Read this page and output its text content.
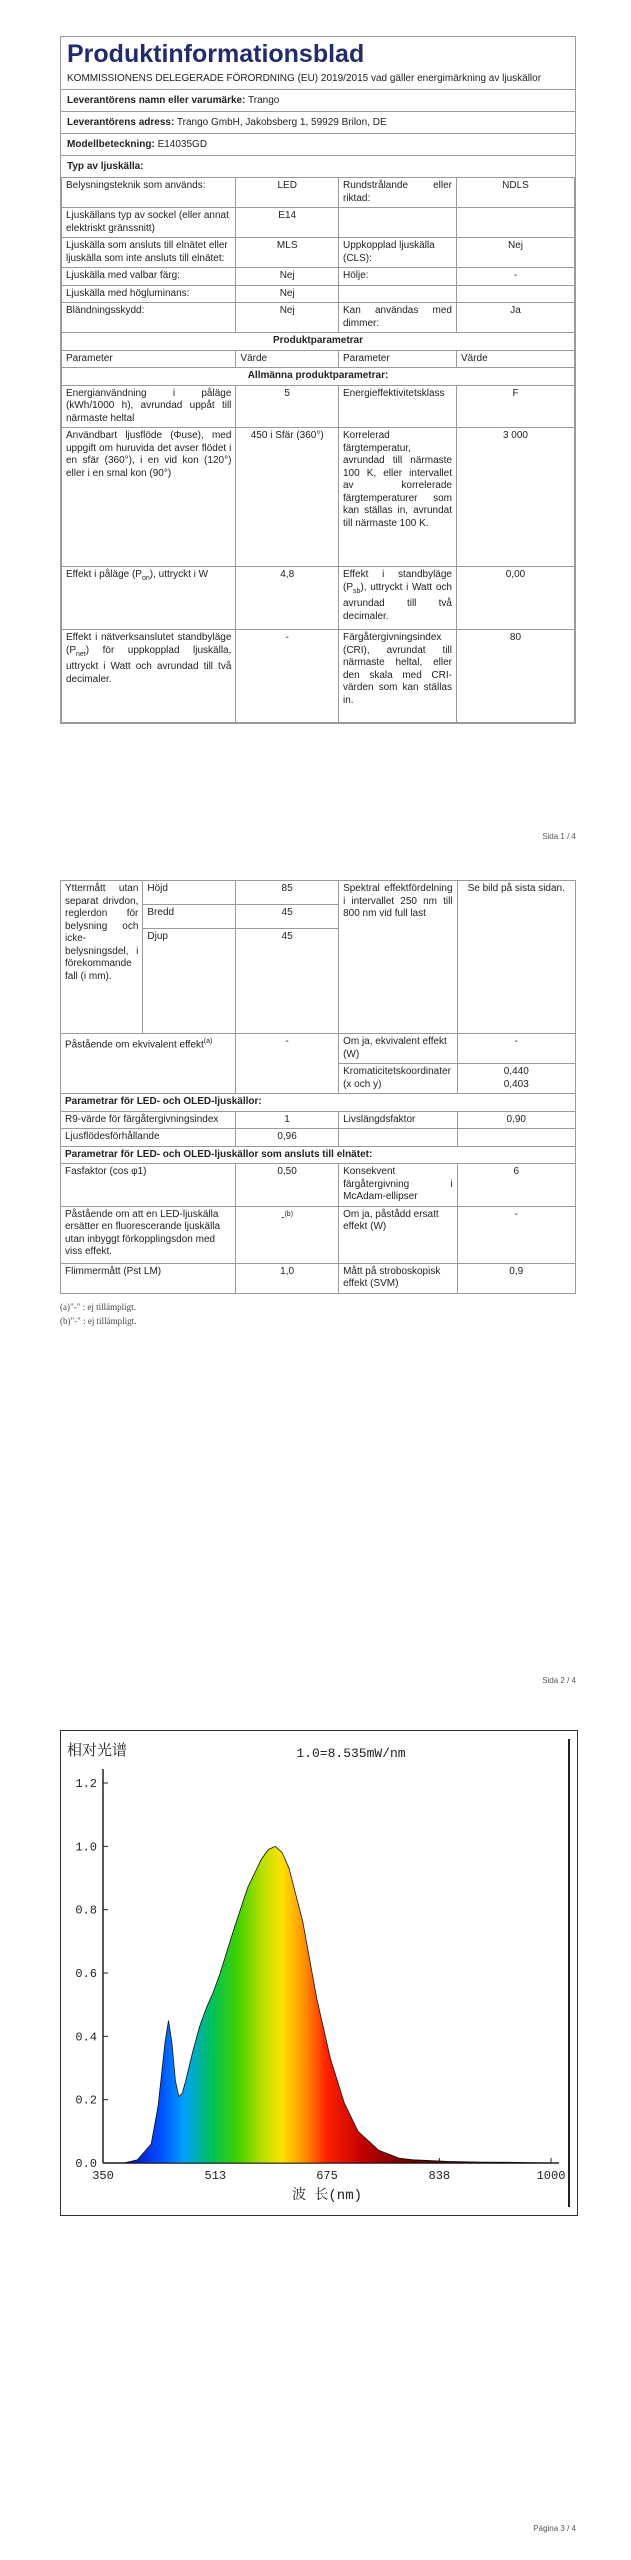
Produktinformationsblad
KOMMISSIONENS DELEGERADE FÖRORDNING (EU) 2019/2015 vad gäller energimärkning av ljuskällor
Leverantörens namn eller varumärke: Trango
Leverantörens adress: Trango GmbH, Jakobsberg 1, 59929 Brilon, DE
Modellbeteckning: E14035GD
Typ av ljuskälla:
Belysningsteknik som används:	LED	Rundstrålande eller riktad:	NDLS
Ljuskällans typ av sockel (eller annat elektriskt gränssnitt)	E14		
Ljuskälla som ansluts till elnätet eller ljuskälla som inte ansluts till elnätet:	MLS	Uppkopplad ljuskälla (CLS):	Nej
Ljuskälla med valbar färg:	Nej	Hölje:	-
Ljuskälla med högluminans:	Nej		
Bländningsskydd:	Nej	Kan användas med dimmer:	Ja
Produktparametrar			
Parameter	Värde	Parameter	Värde
Allmänna produktparametrar:			
Energianvändning i påläge (kWh/1000 h), avrundad uppåt till närmaste heltal	5	Energieffektivitetsklass	F
Användbart ljusflöde (Φuse), med uppgift om huruvida det avser flödet i en sfär (360°), i en vid kon (120°) eller i en smal kon (90°)	450 i Sfär (360°)	Korrelerad färgtemperatur, avrundad till närmaste 100 K, eller intervallet av korrelerade färgtemperaturer som kan ställas in, avrundat till närmaste 100 K.	3 000
Effekt i påläge $(P_{on})$, uttryckt i W	4,8	Effekt i standbyläge $(P_{sb})$, uttryckt i Watt och avrundad till två decimaler.	0,00
Effekt i nätverksanslutet standbyläge $(P_{net})$ för uppkopplad ljuskälla, uttryckt i Watt och avrundad till två decimaler.	-	Färgåtergivningsindex (CRI), avrundat till närmaste heltal, eller den skala med CRI-värden som kan ställas in.	80
Sida 1 / 4
Yttermått utan separat drivdon, reglerdon för belysning och icke-belysningsdel, i förekommande fall (i mm).	Höjd	85	Spektral effektfördelning i intervallet 250 nm till 800 nm vid full last	Se bild på sista sidan.
	Bredd	45		
	Djup	45		
Påstående om ekvivalent effekt$^{(a)}$		-	Om ja, ekvivalent effekt (W)	-
			Kromaticitetskoordinater (x och y)	0,440
0,403

Parametrar för LED- och OLED-ljuskällor:				
R9-värde för färgåtergivningsindex		1	Livslängdsfaktor	0,90
Ljusflödesförhållande		0,96		
Parametrar för LED- och OLED-ljuskällor som ansluts till elnätet:				
Fasfaktor (cos φ1)		0,50	Konsekvent färgåtergivning i McAdam-ellipser	6
Påstående om att en LED-ljuskälla ersätter en fluorescerande ljuskälla utan inbyggt förkopplingsdon med viss effekt.		-$^{(b)}$	Om ja, påstådd ersatt effekt (W)	-
Flimmermått (Pst LM)		1,0	Mått på stroboskopisk effekt (SVM)	0,9
(a)"-" : ej tillämpligt.
(b)"-" : ej tillämpligt.
Sida 2 / 4
相对光谱	1.0=8.535mW/nm
0.0
0.2
0.4
0.6
0.8
1.0
1.2
350	513	675	838	1000
波 长(nm)
Página 3 / 4
